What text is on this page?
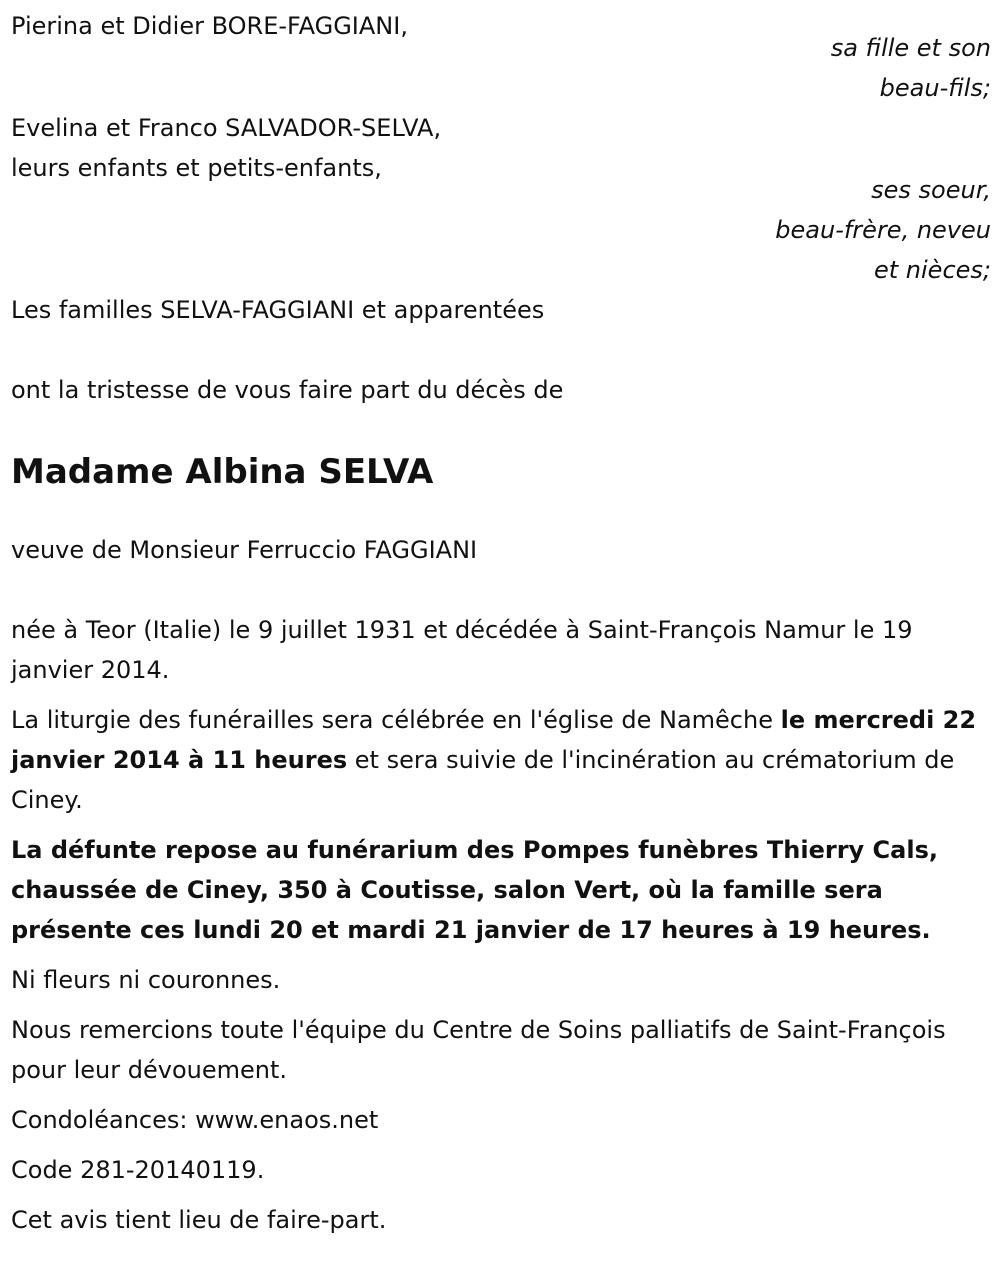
Pierina et Didier BORE-FAGGIANI,
sa fille et son
beau-fils;
Evelina et Franco SALVADOR-SELVA,
leurs enfants et petits-enfants,
ses soeur,
beau-frère, neveu
et nièces;
Les familles SELVA-FAGGIANI et apparentées

ont la tristesse de vous faire part du décès de

Madame Albina SELVA

veuve de Monsieur Ferruccio FAGGIANI

née à Teor (Italie) le 9 juillet 1931 et décédée à Saint-François Namur le 19 janvier 2014.

La liturgie des funérailles sera célébrée en l'église de Namêche le mercredi 22 janvier 2014 à 11 heures et sera suivie de l'incinération au crématorium de Ciney.

La défunte repose au funérarium des Pompes funèbres Thierry Cals, chaussée de Ciney, 350 à Coutisse, salon Vert, où la famille sera présente ces lundi 20 et mardi 21 janvier de 17 heures à 19 heures.

Ni fleurs ni couronnes.

Nous remercions toute l'équipe du Centre de Soins palliatifs de Saint-François pour leur dévouement.

Condoléances: www.enaos.net

Code 281-20140119.

Cet avis tient lieu de faire-part.
